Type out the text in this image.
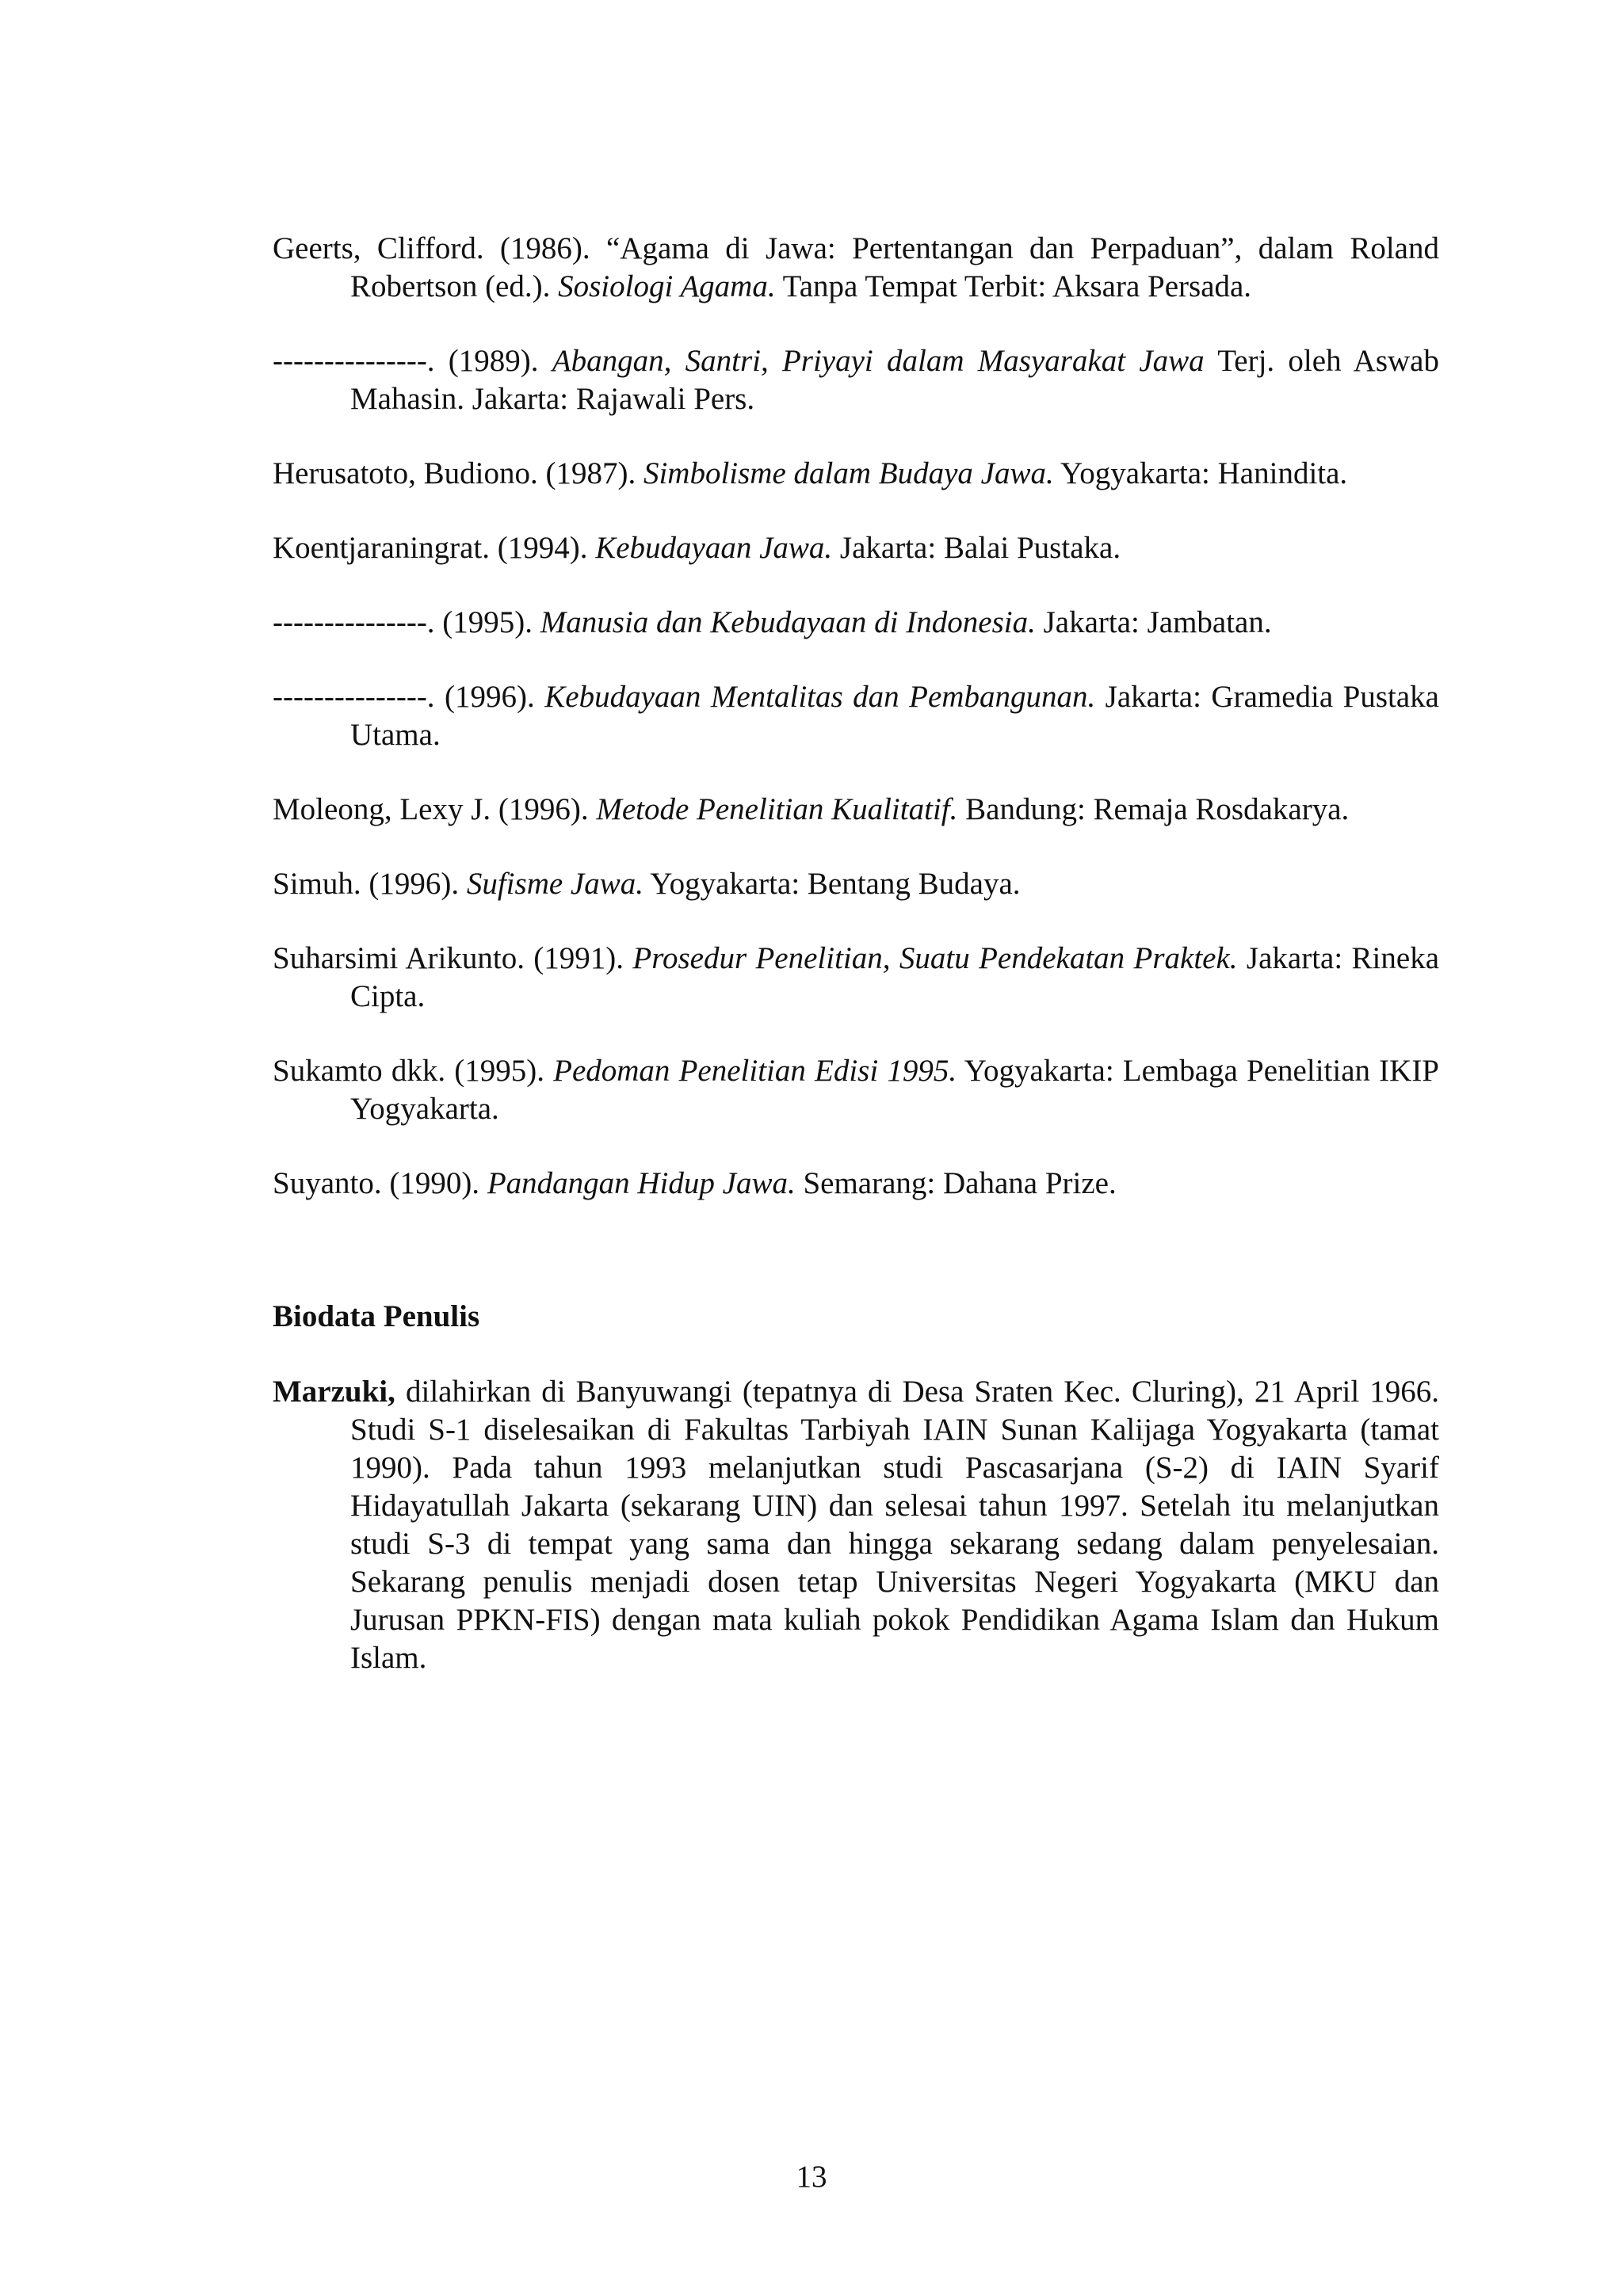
Geerts, Clifford. (1986). “Agama di Jawa: Pertentangan dan Perpaduan”, dalam Roland Robertson (ed.). Sosiologi Agama. Tanpa Tempat Terbit: Aksara Persada.

---------------. (1989). Abangan, Santri, Priyayi dalam Masyarakat Jawa Terj. oleh Aswab Mahasin. Jakarta: Rajawali Pers.

Herusatoto, Budiono. (1987). Simbolisme dalam Budaya Jawa. Yogyakarta: Hanindita.

Koentjaraningrat. (1994). Kebudayaan Jawa. Jakarta: Balai Pustaka.

---------------. (1995). Manusia dan Kebudayaan di Indonesia. Jakarta: Jambatan.

---------------. (1996). Kebudayaan Mentalitas dan Pembangunan. Jakarta: Gramedia Pustaka Utama.

Moleong, Lexy J. (1996). Metode Penelitian Kualitatif. Bandung: Remaja Rosdakarya.

Simuh. (1996). Sufisme Jawa. Yogyakarta: Bentang Budaya.

Suharsimi Arikunto. (1991). Prosedur Penelitian, Suatu Pendekatan Praktek. Jakarta: Rineka Cipta.

Sukamto dkk. (1995). Pedoman Penelitian Edisi 1995. Yogyakarta: Lembaga Penelitian IKIP Yogyakarta.

Suyanto. (1990). Pandangan Hidup Jawa. Semarang: Dahana Prize.

Biodata Penulis

Marzuki, dilahirkan di Banyuwangi (tepatnya di Desa Sraten Kec. Cluring), 21 April 1966. Studi S-1 diselesaikan di Fakultas Tarbiyah IAIN Sunan Kalijaga Yogyakarta (tamat 1990). Pada tahun 1993 melanjutkan studi Pascasarjana (S-2) di IAIN Syarif Hidayatullah Jakarta (sekarang UIN) dan selesai tahun 1997. Setelah itu melanjutkan studi S-3 di tempat yang sama dan hingga sekarang sedang dalam penyelesaian. Sekarang penulis menjadi dosen tetap Universitas Negeri Yogyakarta (MKU dan Jurusan PPKN-FIS) dengan mata kuliah pokok Pendidikan Agama Islam dan Hukum Islam.

13
